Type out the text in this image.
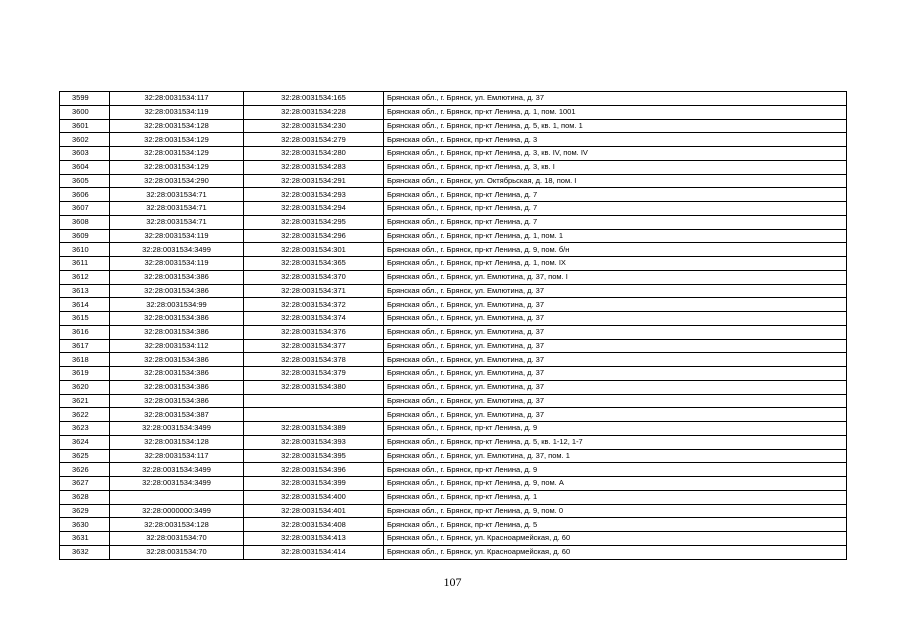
3599	32:28:0031534:117	32:28:0031534:165	Брянская обл., г. Брянск, ул. Емлютина, д. 37
3600	32:28:0031534:119	32:28:0031534:228	Брянская обл., г. Брянск, пр-кт Ленина, д. 1, пом. 1001
3601	32:28:0031534:128	32:28:0031534:230	Брянская обл., г. Брянск, пр-кт Ленина, д. 5, кв. 1, пом. 1
3602	32:28:0031534:129	32:28:0031534:279	Брянская обл., г. Брянск, пр-кт Ленина, д. 3
3603	32:28:0031534:129	32:28:0031534:280	Брянская обл., г. Брянск, пр-кт Ленина, д. 3, кв. IV, пом. IV
3604	32:28:0031534:129	32:28:0031534:283	Брянская обл., г. Брянск, пр-кт Ленина, д. 3, кв. I
3605	32:28:0031534:290	32:28:0031534:291	Брянская обл., г. Брянск, ул. Октябрьская, д. 18, пом. I
3606	32:28:0031534:71	32:28:0031534:293	Брянская обл., г. Брянск, пр-кт Ленина, д. 7
3607	32:28:0031534:71	32:28:0031534:294	Брянская обл., г. Брянск, пр-кт Ленина, д. 7
3608	32:28:0031534:71	32:28:0031534:295	Брянская обл., г. Брянск, пр-кт Ленина, д. 7
3609	32:28:0031534:119	32:28:0031534:296	Брянская обл., г. Брянск, пр-кт Ленина, д. 1, пом. 1
3610	32:28:0031534:3499	32:28:0031534:301	Брянская обл., г. Брянск, пр-кт Ленина, д. 9, пом. б/н
3611	32:28:0031534:119	32:28:0031534:365	Брянская обл., г. Брянск, пр-кт Ленина, д. 1, пом. IX
3612	32:28:0031534:386	32:28:0031534:370	Брянская обл., г. Брянск, ул. Емлютина, д. 37, пом. I
3613	32:28:0031534:386	32:28:0031534:371	Брянская обл., г. Брянск, ул. Емлютина, д. 37
3614	32:28:0031534:99	32:28:0031534:372	Брянская обл., г. Брянск, ул. Емлютина, д. 37
3615	32:28:0031534:386	32:28:0031534:374	Брянская обл., г. Брянск, ул. Емлютина, д. 37
3616	32:28:0031534:386	32:28:0031534:376	Брянская обл., г. Брянск, ул. Емлютина, д. 37
3617	32:28:0031534:112	32:28:0031534:377	Брянская обл., г. Брянск, ул. Емлютина, д. 37
3618	32:28:0031534:386	32:28:0031534:378	Брянская обл., г. Брянск, ул. Емлютина, д. 37
3619	32:28:0031534:386	32:28:0031534:379	Брянская обл., г. Брянск, ул. Емлютина, д. 37
3620	32:28:0031534:386	32:28:0031534:380	Брянская обл., г. Брянск, ул. Емлютина, д. 37
3621	32:28:0031534:386		Брянская обл., г. Брянск, ул. Емлютина, д. 37
3622	32:28:0031534:387		Брянская обл., г. Брянск, ул. Емлютина, д. 37
3623	32:28:0031534:3499	32:28:0031534:389	Брянская обл., г. Брянск, пр-кт Ленина, д. 9
3624	32:28:0031534:128	32:28:0031534:393	Брянская обл., г. Брянск, пр-кт Ленина, д. 5, кв. 1-12, 1-7
3625	32:28:0031534:117	32:28:0031534:395	Брянская обл., г. Брянск, ул. Емлютина, д. 37, пом. 1
3626	32:28:0031534:3499	32:28:0031534:396	Брянская обл., г. Брянск, пр-кт Ленина, д. 9
3627	32:28:0031534:3499	32:28:0031534:399	Брянская обл., г. Брянск, пр-кт Ленина, д. 9, пом. А
3628		32:28:0031534:400	Брянская обл., г. Брянск, пр-кт Ленина, д. 1
3629	32:28:0000000:3499	32:28:0031534:401	Брянская обл., г. Брянск, пр-кт Ленина, д. 9, пом. 0
3630	32:28:0031534:128	32:28:0031534:408	Брянская обл., г. Брянск, пр-кт Ленина, д. 5
3631	32:28:0031534:70	32:28:0031534:413	Брянская обл., г. Брянск, ул. Красноармейская, д. 60
3632	32:28:0031534:70	32:28:0031534:414	Брянская обл., г. Брянск, ул. Красноармейская, д. 60
107
